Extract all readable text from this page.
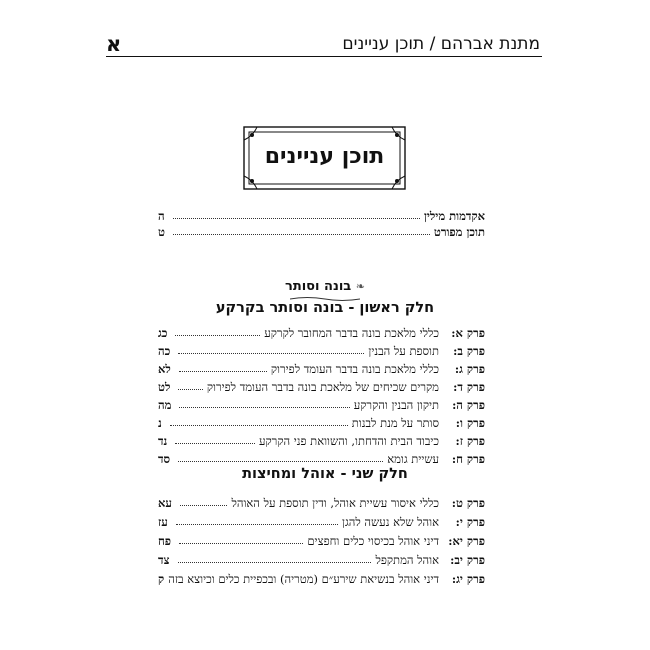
מתנת אברהם / תוכן עניינים
א
תוכן עניינים
אקדמות מילין
ה
תוכן מפורט
ט
❧ בונה וסותר
חלק ראשון - בונה וסותר בקרקע
פרק א:
כללי מלאכת בונה בדבר המחובר לקרקע
כג
פרק ב:
תוספת על הבנין
כה
פרק ג:
כללי מלאכת בונה בדבר העומד לפירוק
לא
פרק ד:
מקרים שכיחים של מלאכת בונה בדבר העומד לפירוק
לט
פרק ה:
תיקון הבנין והקרקע
מה
פרק ו:
סותר על מנת לבנות
נ
פרק ז:
כיבוד הבית והדחתו, והשוואת פני הקרקע
נד
פרק ח:
עשיית גומא
סד
חלק שני - אוהל ומחיצות
פרק ט:
כללי איסור עשיית אוהל, ודין תוספת על האוהל
עא
פרק י:
אוהל שלא נעשה להגן
עז
פרק יא:
דיני אוהל בכיסוי כלים וחפצים
פח
פרק יב:
אוהל המתקפל
צד
פרק יג:
דיני אוהל בנשיאת שירע״ם (מטריה) ובכפיית כלים וכיוצא בזה
ק
